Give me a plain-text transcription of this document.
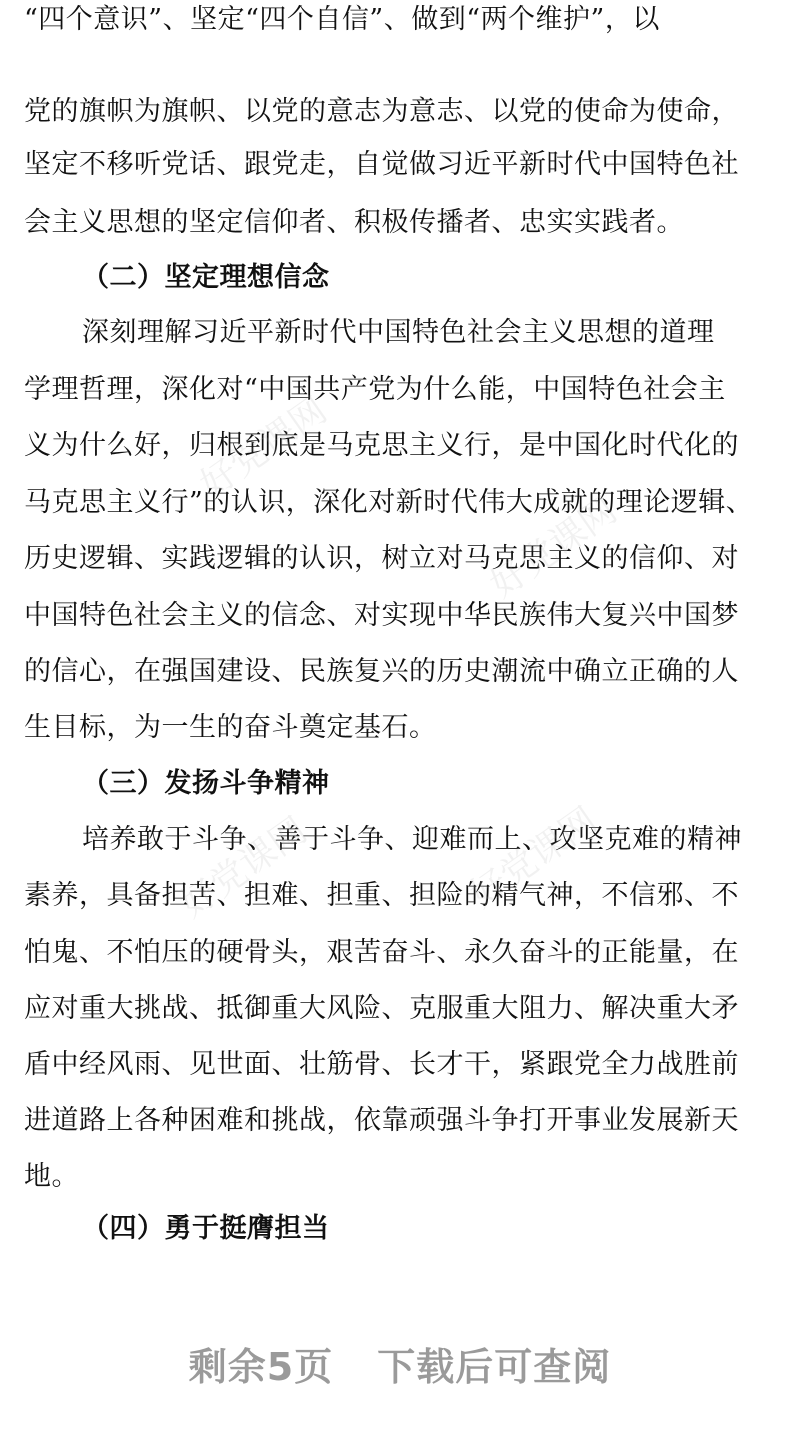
“四个意识”、坚定“四个自信”、做到“两个维护”，以
党的旗帜为旗帜、以党的意志为意志、以党的使命为使命，
坚定不移听党话、跟党走，自觉做习近平新时代中国特色社
会主义思想的坚定信仰者、积极传播者、忠实实践者。
（二）坚定理想信念
深刻理解习近平新时代中国特色社会主义思想的道理
学理哲理，深化对“中国共产党为什么能，中国特色社会主
义为什么好，归根到底是马克思主义行，是中国化时代化的
马克思主义行”的认识，深化对新时代伟大成就的理论逻辑、
历史逻辑、实践逻辑的认识，树立对马克思主义的信仰、对
中国特色社会主义的信念、对实现中华民族伟大复兴中国梦
的信心，在强国建设、民族复兴的历史潮流中确立正确的人
生目标，为一生的奋斗奠定基石。
（三）发扬斗争精神
培养敢于斗争、善于斗争、迎难而上、攻坚克难的精神
素养，具备担苦、担难、担重、担险的精气神，不信邪、不
怕鬼、不怕压的硬骨头，艰苦奋斗、永久奋斗的正能量，在
应对重大挑战、抵御重大风险、克服重大阻力、解决重大矛
盾中经风雨、见世面、壮筋骨、长才干，紧跟党全力战胜前
进道路上各种困难和挑战，依靠顽强斗争打开事业发展新天
地。
（四）勇于挺膺担当
好党课网
好党课网
好党课网	好党课网
剩余5页 下载后可查阅
